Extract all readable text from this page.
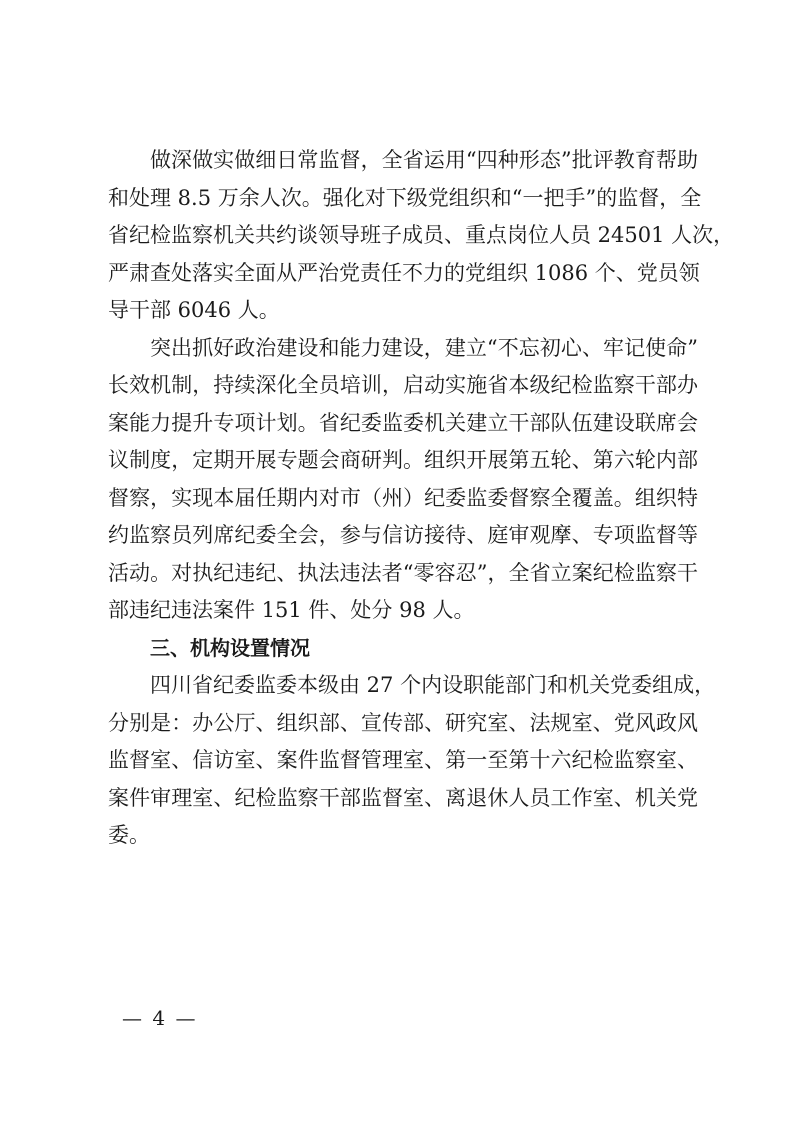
做深做实做细日常监督，全省运用“四种形态”批评教育帮助
和处理 8.5 万余人次。强化对下级党组织和“一把手”的监督，全
省纪检监察机关共约谈领导班子成员、重点岗位人员 24501 人次，
严肃查处落实全面从严治党责任不力的党组织 1086 个、党员领
导干部 6046 人。
突出抓好政治建设和能力建设，建立“不忘初心、牢记使命”
长效机制，持续深化全员培训，启动实施省本级纪检监察干部办
案能力提升专项计划。省纪委监委机关建立干部队伍建设联席会
议制度，定期开展专题会商研判。组织开展第五轮、第六轮内部
督察，实现本届任期内对市（州）纪委监委督察全覆盖。组织特
约监察员列席纪委全会，参与信访接待、庭审观摩、专项监督等
活动。对执纪违纪、执法违法者“零容忍”，全省立案纪检监察干
部违纪违法案件 151 件、处分 98 人。
三、机构设置情况
四川省纪委监委本级由 27 个内设职能部门和机关党委组成，
分别是：办公厅、组织部、宣传部、研究室、法规室、党风政风
监督室、信访室、案件监督管理室、第一至第十六纪检监察室、
案件审理室、纪检监察干部监督室、离退休人员工作室、机关党
委。
— 4 —
